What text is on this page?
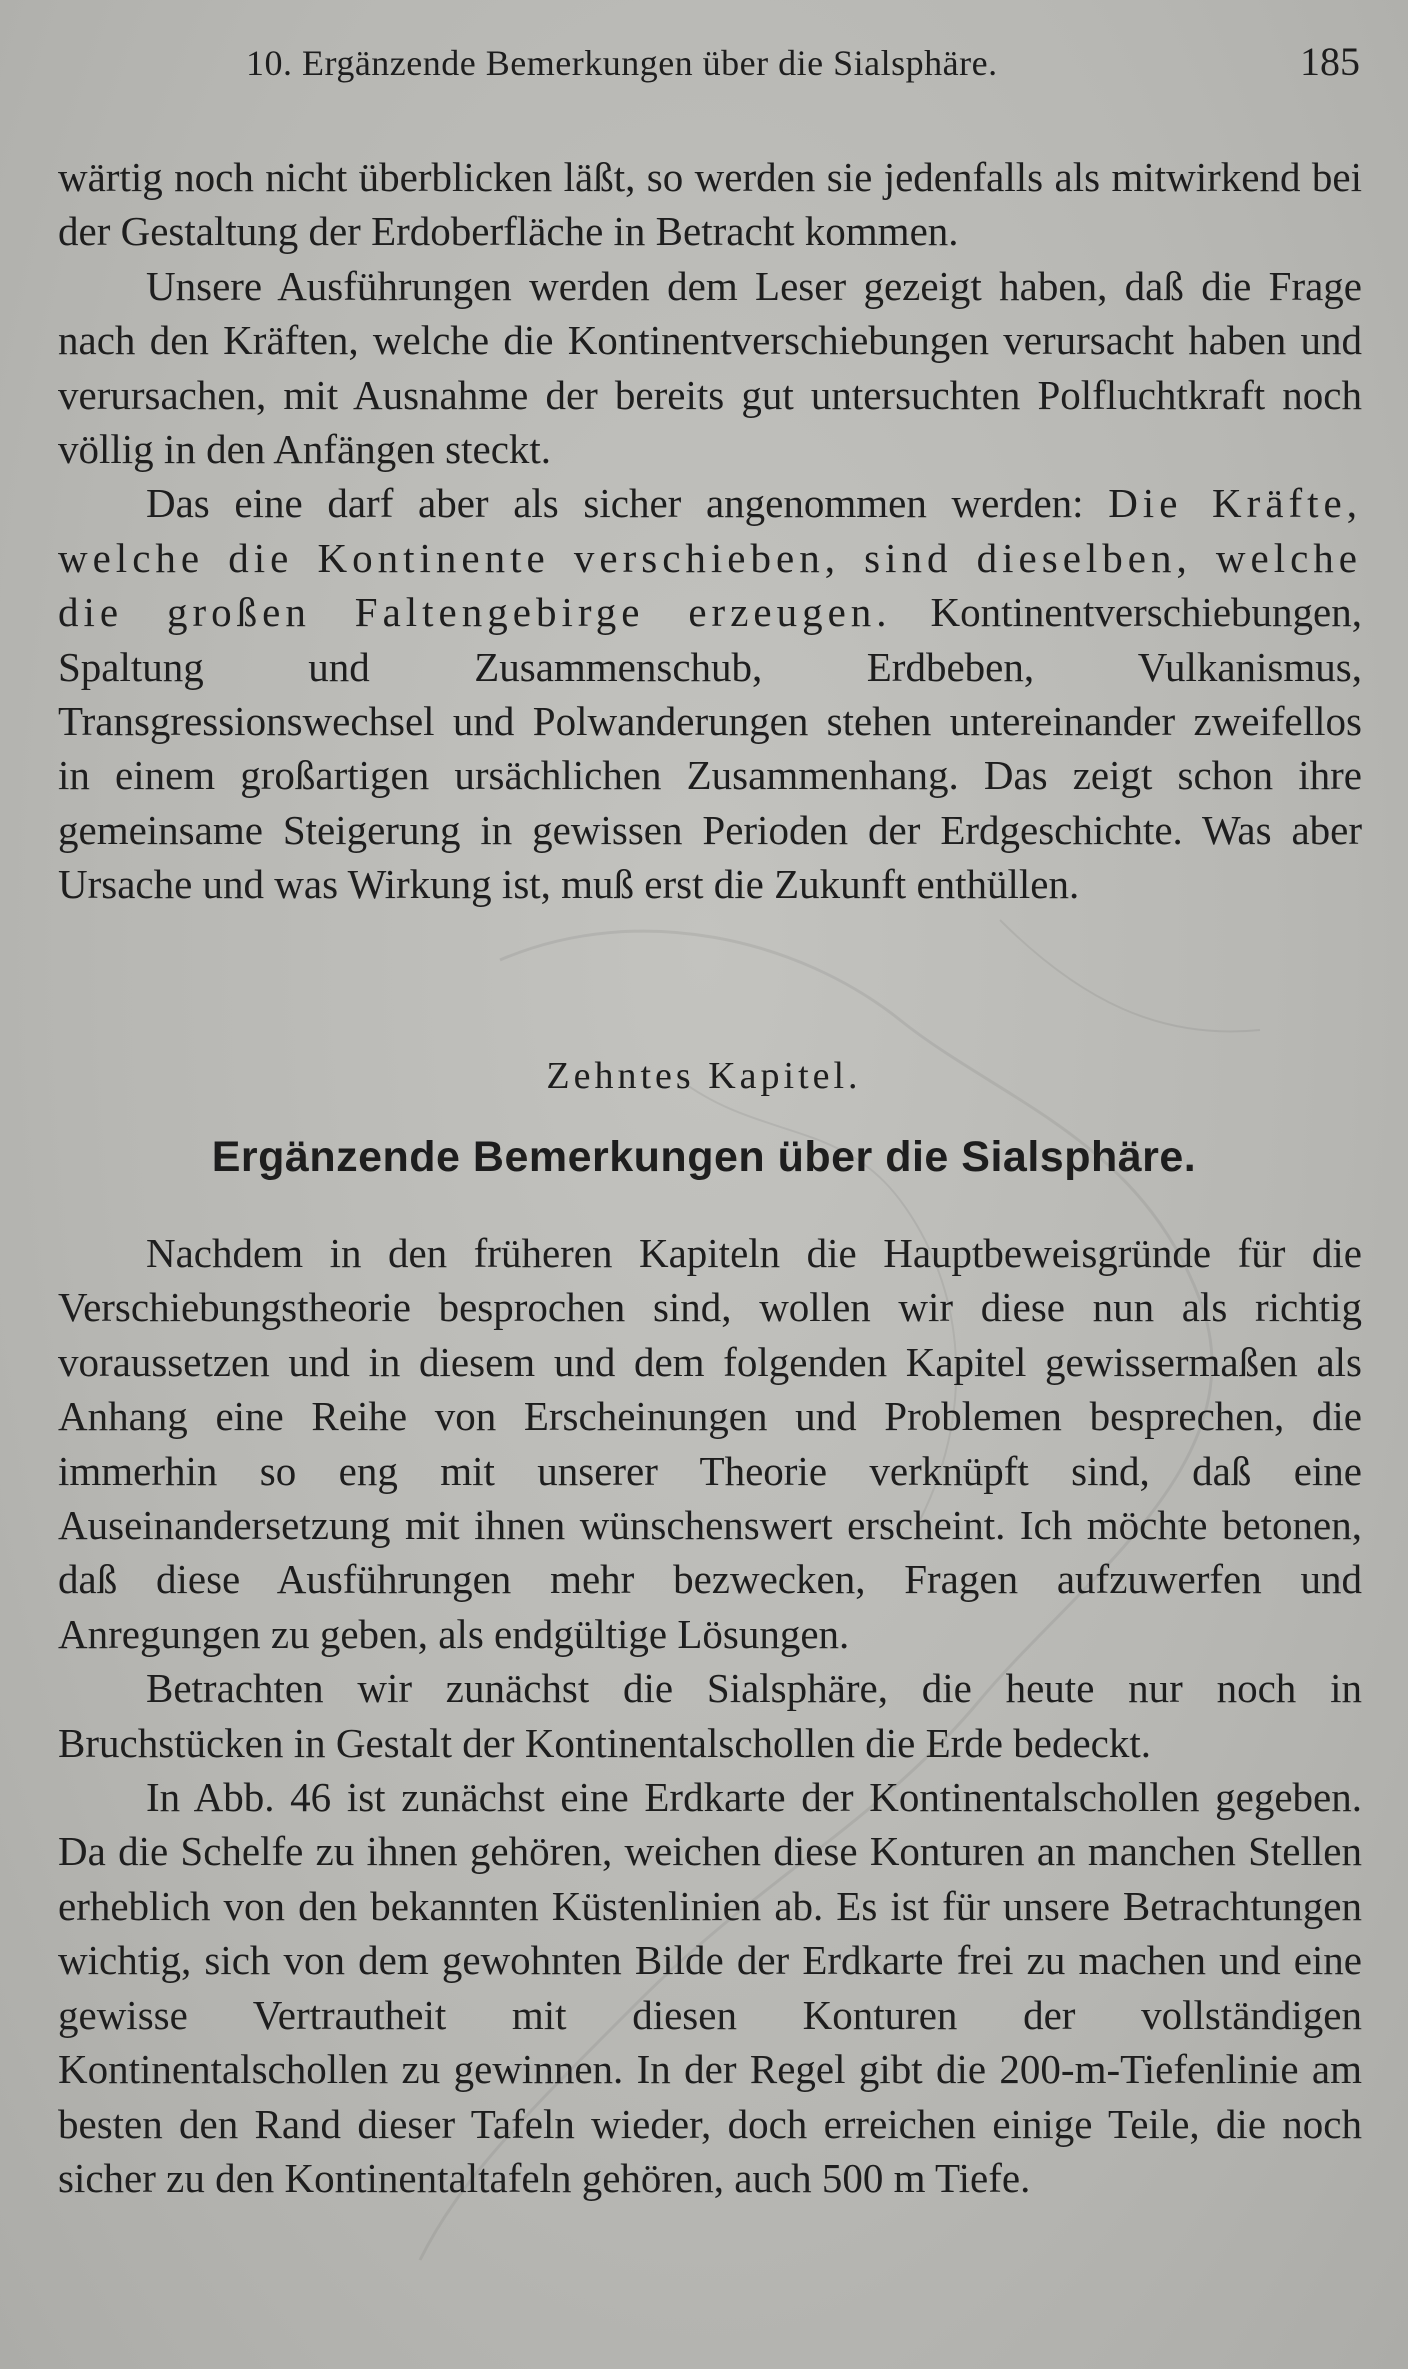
10. Ergänzende Bemerkungen über die Sialsphäre.	185

wärtig noch nicht überblicken läßt, so werden sie jedenfalls als mitwirkend bei der Gestaltung der Erdoberfläche in Betracht kommen.

Unsere Ausführungen werden dem Leser gezeigt haben, daß die Frage nach den Kräften, welche die Kontinentverschiebungen verursacht haben und verursachen, mit Ausnahme der bereits gut untersuchten Polfluchtkraft noch völlig in den Anfängen steckt.

Das eine darf aber als sicher angenommen werden: Die Kräfte, welche die Kontinente verschieben, sind dieselben, welche die großen Faltengebirge erzeugen. Kontinentverschiebungen, Spaltung und Zusammenschub, Erdbeben, Vulkanismus, Transgressionswechsel und Polwanderungen stehen untereinander zweifellos in einem großartigen ursächlichen Zusammenhang. Das zeigt schon ihre gemeinsame Steigerung in gewissen Perioden der Erdgeschichte. Was aber Ursache und was Wirkung ist, muß erst die Zukunft enthüllen.

Zehntes Kapitel.
Ergänzende Bemerkungen über die Sialsphäre.

Nachdem in den früheren Kapiteln die Hauptbeweisgründe für die Verschiebungstheorie besprochen sind, wollen wir diese nun als richtig voraussetzen und in diesem und dem folgenden Kapitel gewissermaßen als Anhang eine Reihe von Erscheinungen und Problemen besprechen, die immerhin so eng mit unserer Theorie verknüpft sind, daß eine Auseinandersetzung mit ihnen wünschenswert erscheint. Ich möchte betonen, daß diese Ausführungen mehr bezwecken, Fragen aufzuwerfen und Anregungen zu geben, als endgültige Lösungen.

Betrachten wir zunächst die Sialsphäre, die heute nur noch in Bruchstücken in Gestalt der Kontinentalschollen die Erde bedeckt.

In Abb. 46 ist zunächst eine Erdkarte der Kontinentalschollen gegeben. Da die Schelfe zu ihnen gehören, weichen diese Konturen an manchen Stellen erheblich von den bekannten Küstenlinien ab. Es ist für unsere Betrachtungen wichtig, sich von dem gewohnten Bilde der Erdkarte frei zu machen und eine gewisse Vertrautheit mit diesen Konturen der vollständigen Kontinentalschollen zu gewinnen. In der Regel gibt die 200-m-Tiefenlinie am besten den Rand dieser Tafeln wieder, doch erreichen einige Teile, die noch sicher zu den Kontinentaltafeln gehören, auch 500 m Tiefe.
